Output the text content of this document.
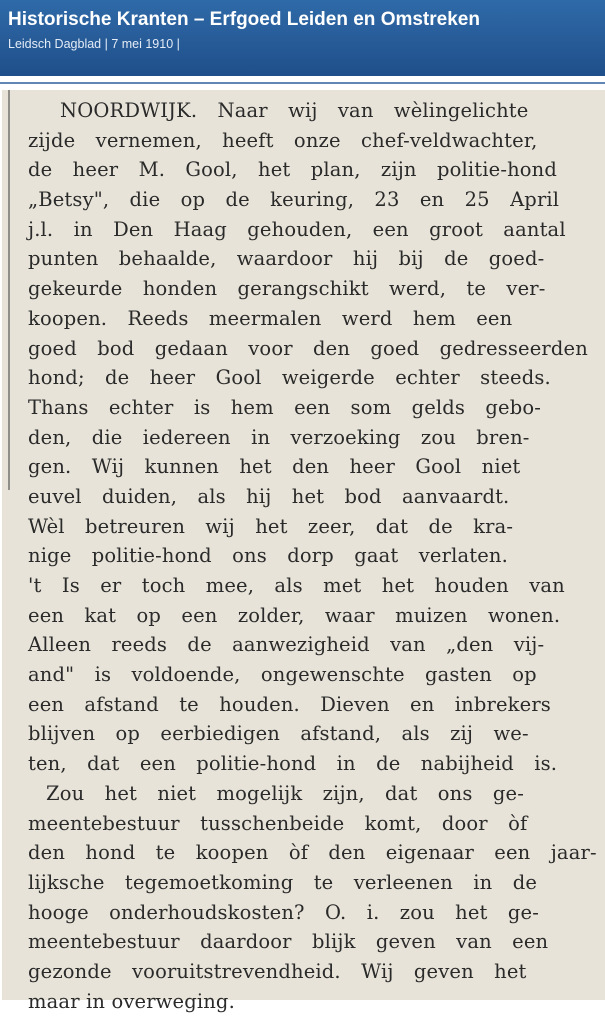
Historische Kranten – Erfgoed Leiden en Omstreken
Leidsch Dagblad | 7 mei 1910 |
NOORDWIJK. Naar wij van wèlingelichte
zijde vernemen, heeft onze chef-veldwachter,
de heer M. Gool, het plan, zijn politie-hond
„Betsy", die op de keuring, 23 en 25 April
j.l. in Den Haag gehouden, een groot aantal
punten behaalde, waardoor hij bij de goed-
gekeurde honden gerangschikt werd, te ver-
koopen. Reeds meermalen werd hem een
goed bod gedaan voor den goed gedresseerden
hond; de heer Gool weigerde echter steeds.
Thans echter is hem een som gelds gebo-
den, die iedereen in verzoeking zou bren-
gen. Wij kunnen het den heer Gool niet
euvel duiden, als hij het bod aanvaardt.
Wèl betreuren wij het zeer, dat de kra-
nige politie-hond ons dorp gaat verlaten.
't Is er toch mee, als met het houden van
een kat op een zolder, waar muizen wonen.
Alleen reeds de aanwezigheid van „den vij-
and" is voldoende, ongewenschte gasten op
een afstand te houden. Dieven en inbrekers
blijven op eerbiedigen afstand, als zij we-
ten, dat een politie-hond in de nabijheid is.
Zou het niet mogelijk zijn, dat ons ge-
meentebestuur tusschenbeide komt, door òf
den hond te koopen òf den eigenaar een jaar-
lijksche tegemoetkoming te verleenen in de
hooge onderhoudskosten? O. i. zou het ge-
meentebestuur daardoor blijk geven van een
gezonde vooruitstrevendheid. Wij geven het
maar in overweging.
